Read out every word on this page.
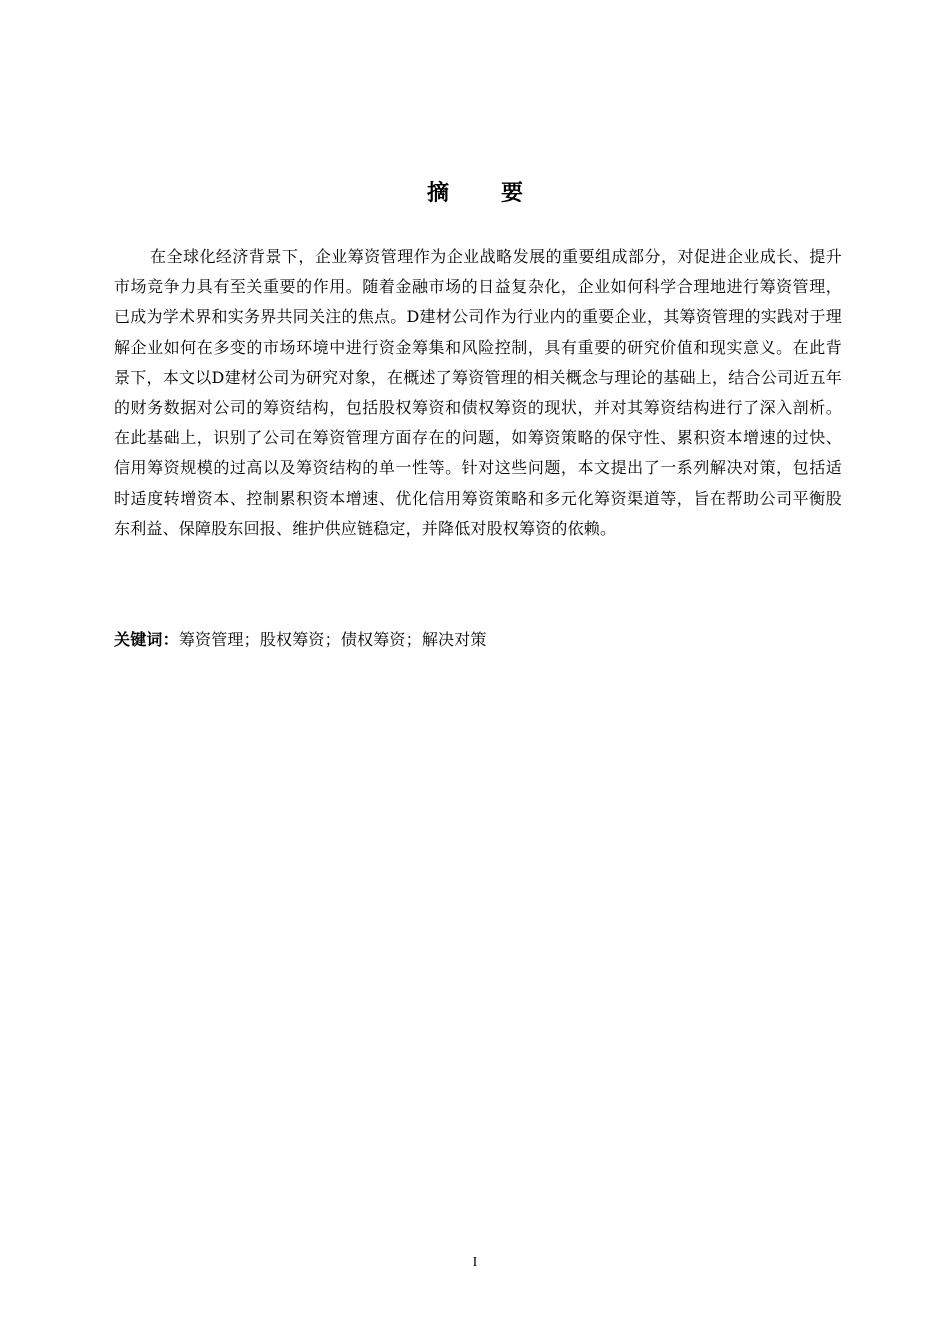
摘 要

在全球化经济背景下，企业筹资管理作为企业战略发展的重要组成部分，对促进企业成长、提升市场竞争力具有至关重要的作用。随着金融市场的日益复杂化，企业如何科学合理地进行筹资管理，已成为学术界和实务界共同关注的焦点。D建材公司作为行业内的重要企业，其筹资管理的实践对于理解企业如何在多变的市场环境中进行资金筹集和风险控制，具有重要的研究价值和现实意义。在此背景下，本文以D建材公司为研究对象，在概述了筹资管理的相关概念与理论的基础上，结合公司近五年的财务数据对公司的筹资结构，包括股权筹资和债权筹资的现状，并对其筹资结构进行了深入剖析。在此基础上，识别了公司在筹资管理方面存在的问题，如筹资策略的保守性、累积资本增速的过快、信用筹资规模的过高以及筹资结构的单一性等。针对这些问题，本文提出了一系列解决对策，包括适时适度转增资本、控制累积资本增速、优化信用筹资策略和多元化筹资渠道等，旨在帮助公司平衡股东利益、保障股东回报、维护供应链稳定，并降低对股权筹资的依赖。

关键词：筹资管理；股权筹资；债权筹资；解决对策
I
